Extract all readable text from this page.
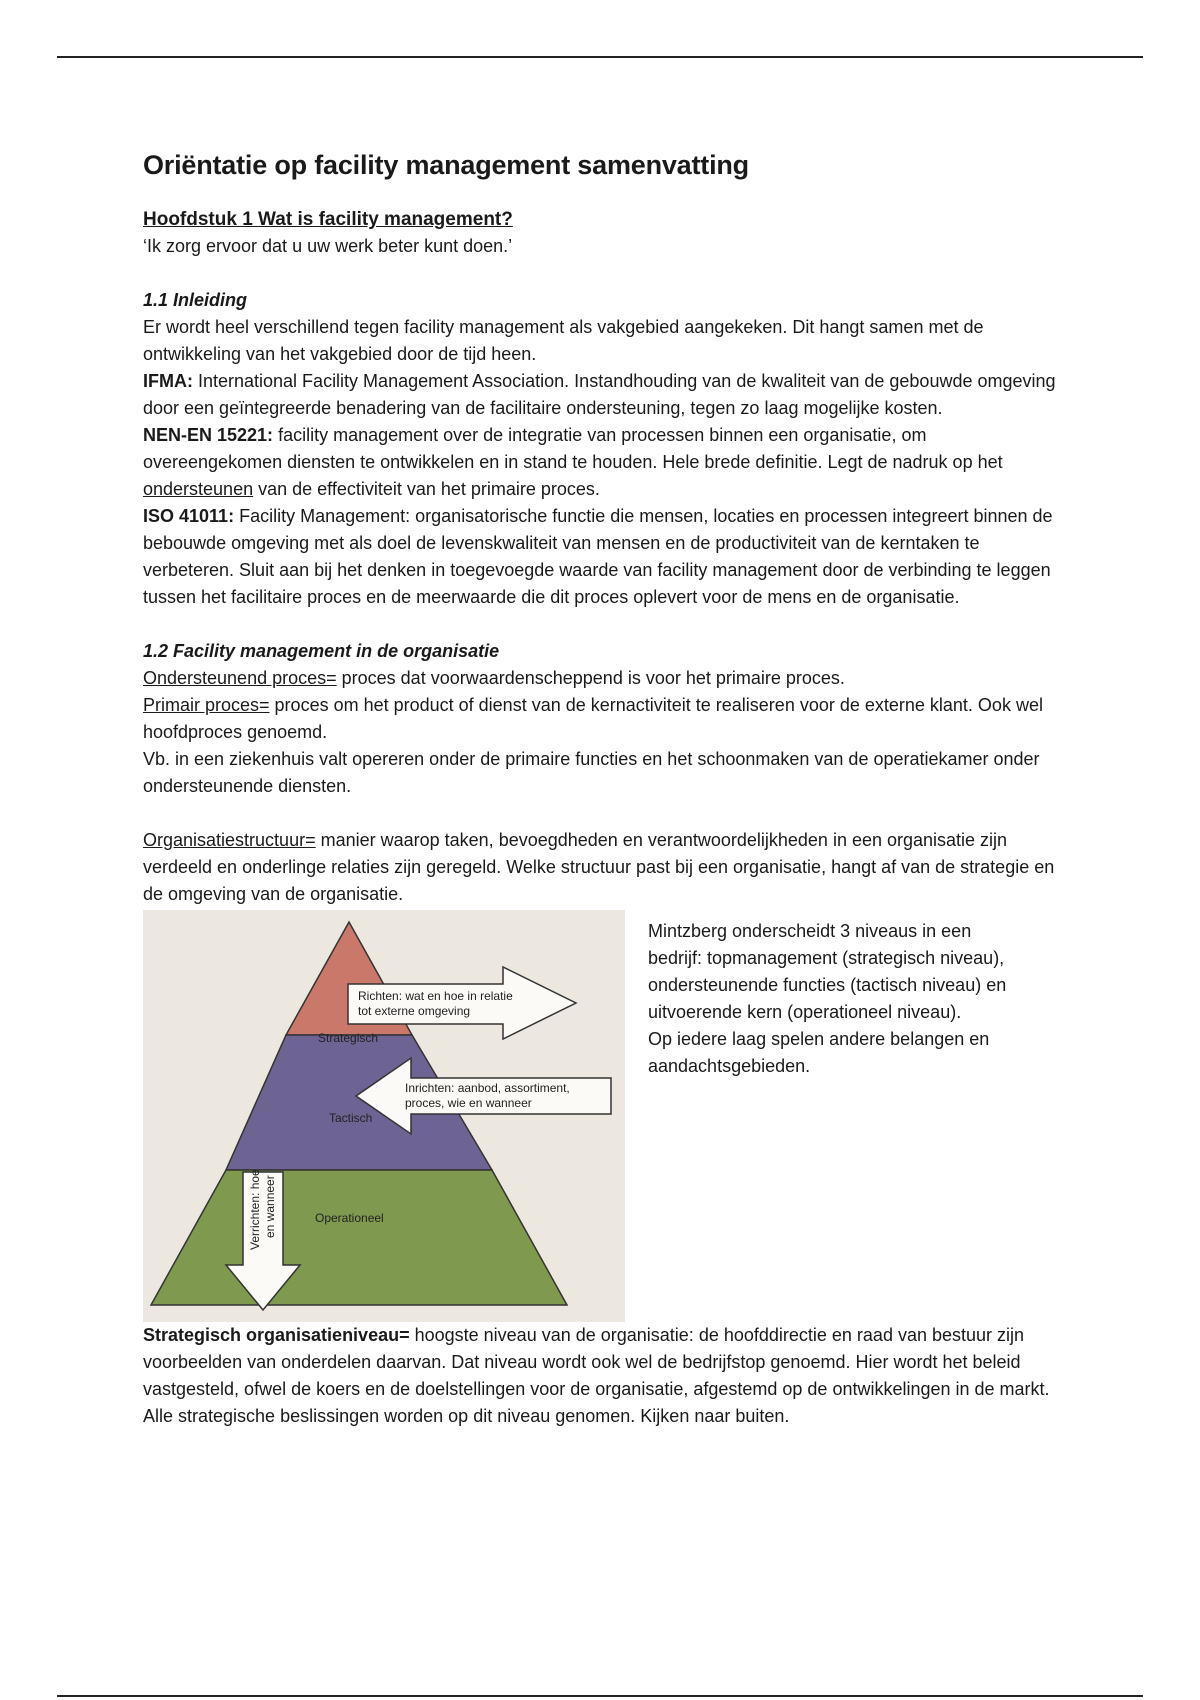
Oriëntatie op facility management samenvatting

Hoofdstuk 1 Wat is facility management?

‘Ik zorg ervoor dat u uw werk beter kunt doen.’

1.1 Inleiding

Er wordt heel verschillend tegen facility management als vakgebied aangekeken. Dit hangt samen met de ontwikkeling van het vakgebied door de tijd heen.

IFMA: International Facility Management Association. Instandhouding van de kwaliteit van de gebouwde omgeving door een geïntegreerde benadering van de facilitaire ondersteuning, tegen zo laag mogelijke kosten.

NEN-EN 15221: facility management over de integratie van processen binnen een organisatie, om overeengekomen diensten te ontwikkelen en in stand te houden. Hele brede definitie. Legt de nadruk op het ondersteunen van de effectiviteit van het primaire proces.

ISO 41011: Facility Management: organisatorische functie die mensen, locaties en processen integreert binnen de bebouwde omgeving met als doel de levenskwaliteit van mensen en de productiviteit van de kerntaken te verbeteren. Sluit aan bij het denken in toegevoegde waarde van facility management door de verbinding te leggen tussen het facilitaire proces en de meerwaarde die dit proces oplevert voor de mens en de organisatie.

1.2 Facility management in de organisatie

Ondersteunend proces= proces dat voorwaardenscheppend is voor het primaire proces.

Primair proces= proces om het product of dienst van de kernactiviteit te realiseren voor de externe klant. Ook wel hoofdproces genoemd.

Vb. in een ziekenhuis valt opereren onder de primaire functies en het schoonmaken van de operatiekamer onder ondersteunende diensten.

Organisatiestructuur= manier waarop taken, bevoegdheden en verantwoordelijkheden in een organisatie zijn verdeeld en onderlinge relaties zijn geregeld. Welke structuur past bij een organisatie, hangt af van de strategie en de omgeving van de organisatie.

Richten: wat en hoe in relatie
tot externe omgeving
Inrichten: aanbod, assortiment,
proces, wie en wanneer
Verrichten: hoe en wanneer
Strategisch
Tactisch
Operationeel

Mintzberg onderscheidt 3 niveaus in een bedrijf: topmanagement (strategisch niveau), ondersteunende functies (tactisch niveau) en uitvoerende kern (operationeel niveau).

Op iedere laag spelen andere belangen en aandachtsgebieden.

Strategisch organisatieniveau= hoogste niveau van de organisatie: de hoofddirectie en raad van bestuur zijn voorbeelden van onderdelen daarvan. Dat niveau wordt ook wel de bedrijfstop genoemd. Hier wordt het beleid vastgesteld, ofwel de koers en de doelstellingen voor de organisatie, afgestemd op de ontwikkelingen in de markt. Alle strategische beslissingen worden op dit niveau genomen. Kijken naar buiten.
